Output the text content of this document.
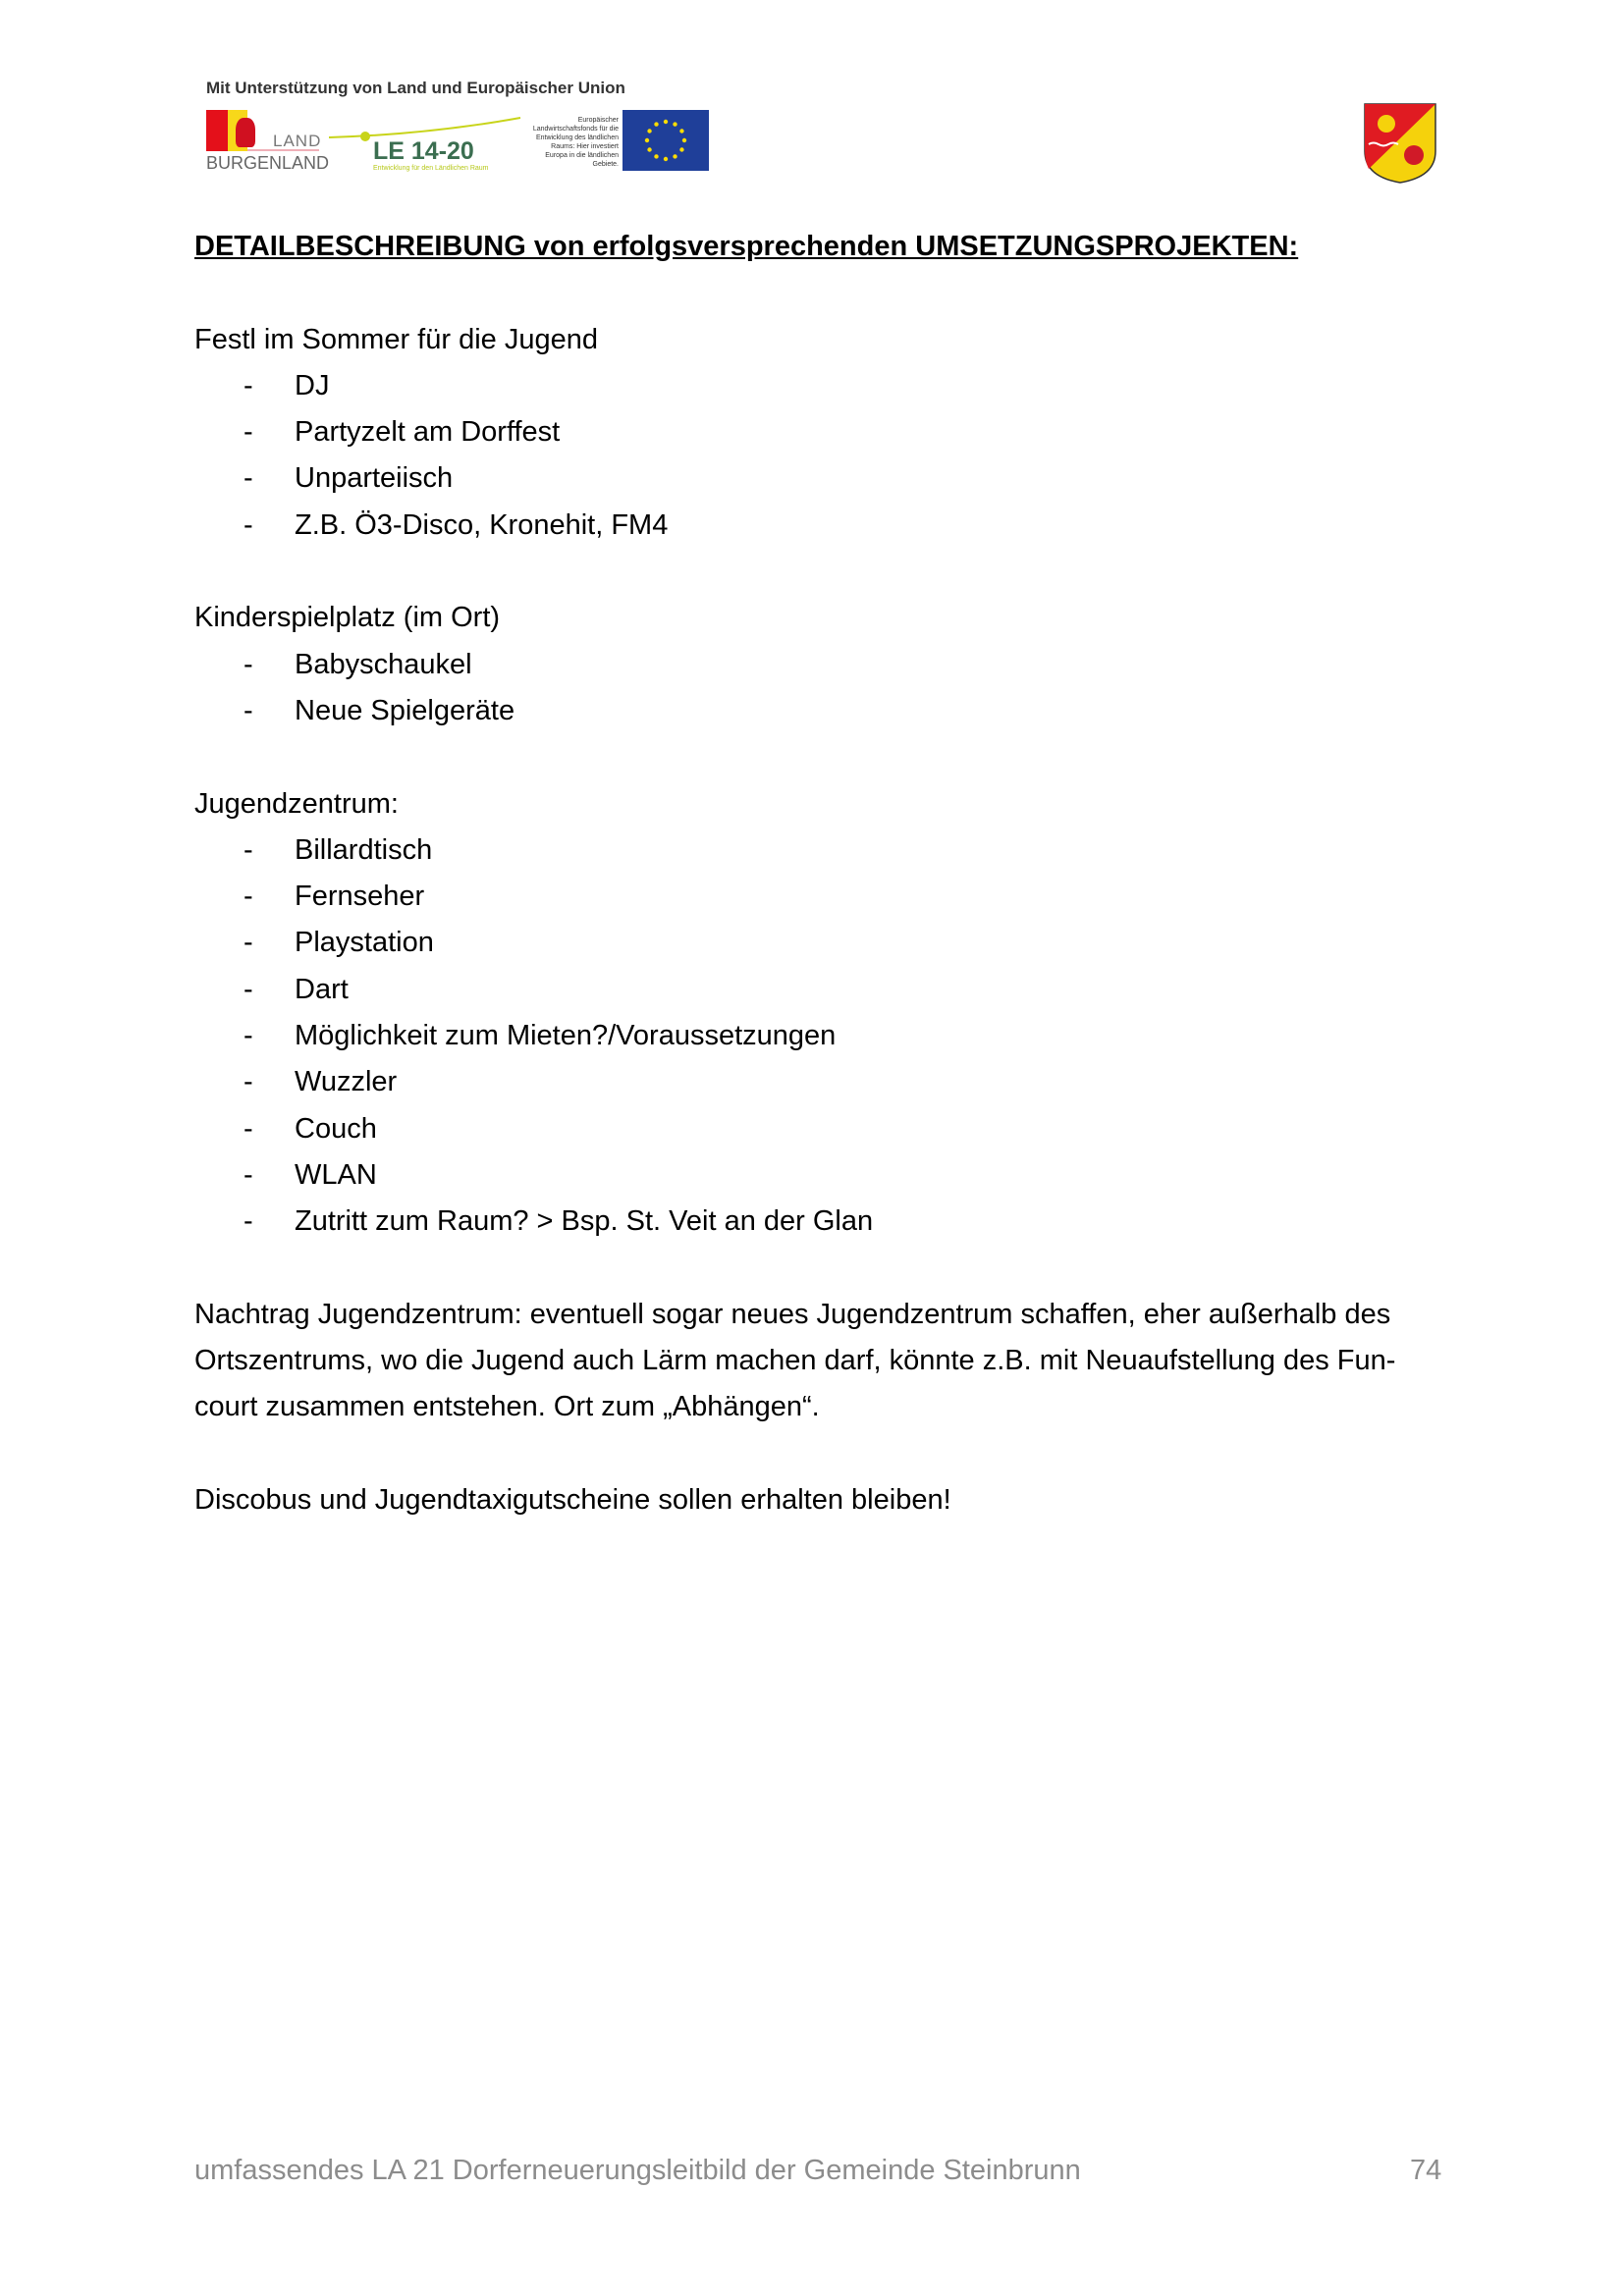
Mit Unterstützung von Land und Europäischer Union
LAND
BURGENLAND LE 14-20
Entwicklung für den Ländlichen Raum
Europäischer Landwirtschaftsfonds für die Entwicklung des ländlichen Raums: Hier investiert Europa in die ländlichen Gebiete.
DETAILBESCHREIBUNG von erfolgsversprechenden UMSETZUNGSPROJEKTEN:
Festl im Sommer für die Jugend
- DJ
- Partyzelt am Dorffest
- Unparteiisch
- Z.B. Ö3-Disco, Kronehit, FM4
Kinderspielplatz (im Ort)
- Babyschaukel
- Neue Spielgeräte
Jugendzentrum:
- Billardtisch
- Fernseher
- Playstation
- Dart
- Möglichkeit zum Mieten?/Voraussetzungen
- Wuzzler
- Couch
- WLAN
- Zutritt zum Raum? > Bsp. St. Veit an der Glan
Nachtrag Jugendzentrum: eventuell sogar neues Jugendzentrum schaffen, eher außerhalb des Ortszentrums, wo die Jugend auch Lärm machen darf, könnte z.B. mit Neuaufstellung des Fun-court zusammen entstehen. Ort zum „Abhängen“.
Discobus und Jugendtaxigutscheine sollen erhalten bleiben!
umfassendes LA 21 Dorferneuerungsleitbild der Gemeinde Steinbrunn	74
